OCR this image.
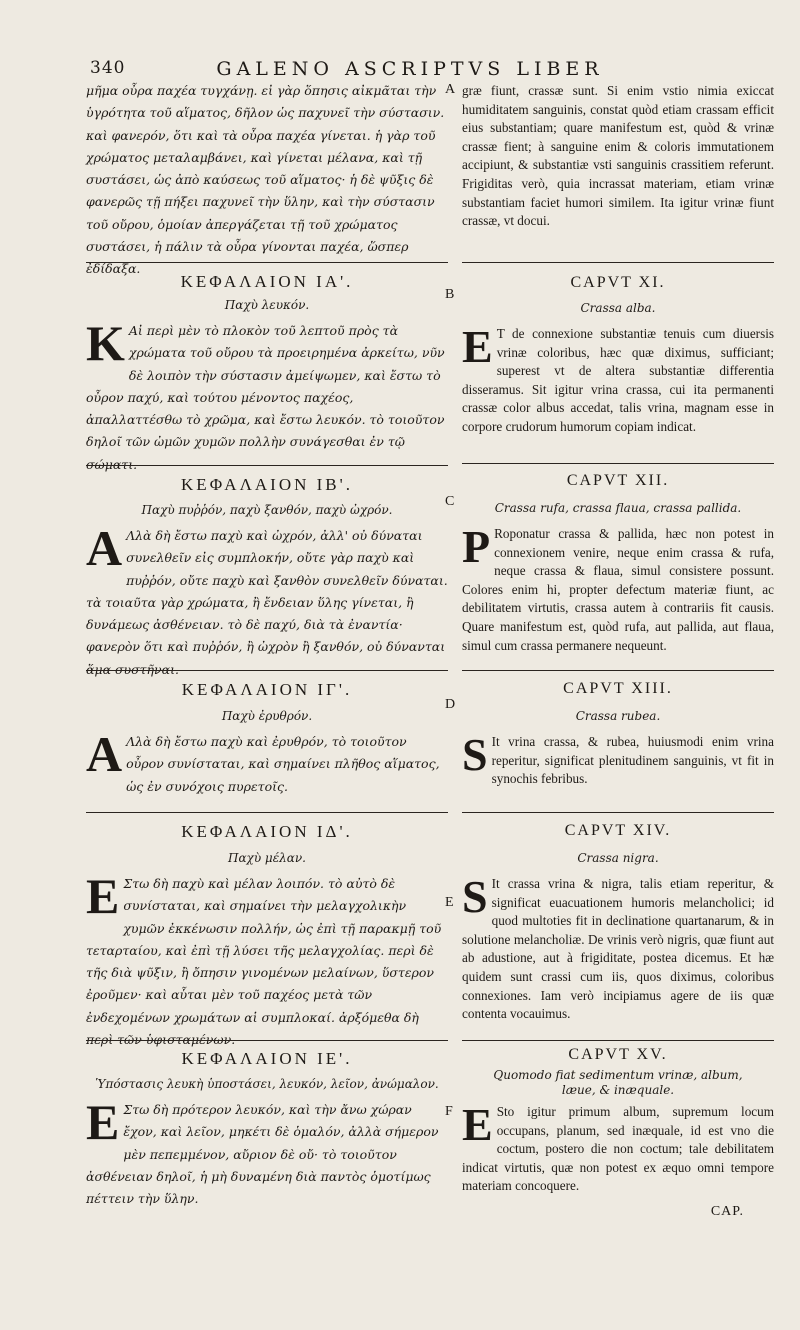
340	GALENO ASCRIPTVS LIBER
A
B
C
D
E
F

μῆμα οὖρα παχέα τυγχάνῃ. εἰ γὰρ ὅπησις αἰκμᾶται τὴν ὑγρότητα τοῦ αἵματος, δῆλον ὡς παχυνεῖ τὴν σύστασιν. καὶ φανερόν, ὅτι καὶ τὰ οὖρα παχέα γίνεται. ἡ γὰρ τοῦ χρώματος μεταλαμβάνει, καὶ γίνεται μέλανα, καὶ τῇ συστάσει, ὡς ἀπὸ καύσεως τοῦ αἵματος· ἡ δὲ ψῦξις δὲ φανερῶς τῇ πήξει παχυνεῖ τὴν ὕλην, καὶ τὴν σύστασιν τοῦ οὔρου, ὁμοίαν ἀπεργάζεται τῇ τοῦ χρώματος συστάσει, ἡ πάλιν τὰ οὖρα γίνονται παχέα, ὥσπερ ἐδίδαξα.

græ fiunt, crassæ sunt. Si enim vstio nimia exiccat humiditatem sanguinis, constat quòd etiam crassam efficit eius substantiam; quare manifestum est, quòd & vrinæ crassæ fient; à sanguine enim & coloris immutationem accipiunt, & substantiæ vsti sanguinis crassitiem referunt. Frigiditas verò, quia incrassat materiam, etiam vrinæ substantiam faciet humori similem. Ita igitur vrinæ fiunt crassæ, vt docui.

ΚΕΦΑΛΑΙΟΝ ΙΑ'.
Παχὺ λευκόν.
K Αἰ περὶ μὲν τὸ πλοκὸν τοῦ λεπτοῦ πρὸς τὰ χρώματα τοῦ οὔρου τὰ προειρημένα ἀρκείτω, νῦν δὲ λοιπὸν τὴν σύστασιν ἀμείψωμεν, καὶ ἔστω τὸ οὖρον παχύ, καὶ τούτου μένοντος παχέος, ἀπαλλαττέσθω τὸ χρῶμα, καὶ ἔστω λευκόν. τὸ τοιοῦτον δηλοῖ τῶν ὠμῶν χυμῶν πολλὴν συνάγεσθαι ἐν τῷ σώματι.
CAPVT XI.
Crassa alba.
E T de connexione substantiæ tenuis cum diuersis vrinæ coloribus, hæc quæ diximus, sufficiant; superest vt de altera substantiæ differentia disseramus. Sit igitur vrina crassa, cui ita permanenti crassæ color albus accedat, talis vrina, magnam esse in corpore crudorum humorum copiam indicat.
ΚΕΦΑΛΑΙΟΝ ΙΒ'.
Παχὺ πυῤῥόν, παχὺ ξανθόν, παχὺ ὠχρόν.
A Λλὰ δὴ ἔστω παχὺ καὶ ὠχρόν, ἀλλ' οὐ δύναται συνελθεῖν εἰς συμπλοκήν, οὔτε γὰρ παχὺ καὶ πυῤῥόν, οὔτε παχὺ καὶ ξανθὸν συνελθεῖν δύναται. τὰ τοιαῦτα γὰρ χρώματα, ἢ ἔνδειαν ὕλης γίνεται, ἢ δυνάμεως ἀσθένειαν. τὸ δὲ παχύ, διὰ τὰ ἐναντία· φανερὸν ὅτι καὶ πυῤῥόν, ἢ ὠχρὸν ἢ ξανθόν, οὐ δύνανται ἅμα συστῆναι.
CAPVT XII.
Crassa rufa, crassa flaua, crassa pallida.
P Roponatur crassa & pallida, hæc non potest in connexionem venire, neque enim crassa & rufa, neque crassa & flaua, simul consistere possunt. Colores enim hi, propter defectum materiæ fiunt, ac debilitatem virtutis, crassa autem à contrariis fit causis. Quare manifestum est, quòd rufa, aut pallida, aut flaua, simul cum crassa permanere nequeunt.
ΚΕΦΑΛΑΙΟΝ ΙΓ'.
Παχὺ ἐρυθρόν.
A Λλὰ δὴ ἔστω παχὺ καὶ ἐρυθρόν, τὸ τοιοῦτον οὖρον συνίσταται, καὶ σημαίνει πλῆθος αἵματος, ὡς ἐν συνόχοις πυρετοῖς.
CAPVT XIII.
Crassa rubea.
S It vrina crassa, & rubea, huiusmodi enim vrina reperitur, significat plenitudinem sanguinis, vt fit in synochis febribus.
ΚΕΦΑΛΑΙΟΝ ΙΔ'.
Παχὺ μέλαν.
E Στω δὴ παχὺ καὶ μέλαν λοιπόν. τὸ αὐτὸ δὲ συνίσταται, καὶ σημαίνει τὴν μελαγχολικὴν χυμῶν ἐκκένωσιν πολλήν, ὡς ἐπὶ τῇ παρακμῇ τοῦ τεταρταίου, καὶ ἐπὶ τῇ λύσει τῆς μελαγχολίας. περὶ δὲ τῆς διὰ ψῦξιν, ἢ ὄπησιν γινομένων μελαίνων, ὕστερον ἐροῦμεν· καὶ αὗται μὲν τοῦ παχέος μετὰ τῶν ἐνδεχομένων χρωμάτων αἱ συμπλοκαί. ἀρξόμεθα δὴ περὶ τῶν ὑφισταμένων.
CAPVT XIV.
Crassa nigra.
S It crassa vrina & nigra, talis etiam reperitur, & significat euacuationem humoris melancholici; id quod multoties fit in declinatione quartanarum, & in solutione melancholiæ. De vrinis verò nigris, quæ fiunt aut ab adustione, aut à frigiditate, postea dicemus. Et hæ quidem sunt crassi cum iis, quos diximus, coloribus connexiones. Iam verò incipiamus agere de iis quæ contenta vocauimus.
ΚΕΦΑΛΑΙΟΝ ΙΕ'.
Ὑπόστασις λευκὴ ὑποστάσει, λευκόν, λεῖον, ἀνώμαλον.
E Στω δὴ πρότερον λευκόν, καὶ τὴν ἄνω χώραν ἔχον, καὶ λεῖον, μηκέτι δὲ ὁμαλόν, ἀλλὰ σήμερον μὲν πεπεμμένον, αὔριον δὲ οὔ· τὸ τοιοῦτον ἀσθένειαν δηλοῖ, ἡ μὴ δυναμένη διὰ παντὸς ὁμοτίμως πέττειν τὴν ὕλην.
CAPVT XV.
Quomodo fiat sedimentum vrinæ, album, læue, & inæquale.
E Sto igitur primum album, supremum locum occupans, planum, sed inæquale, id est vno die coctum, postero die non coctum; tale debilitatem indicat virtutis, quæ non potest ex æquo omni tempore materiam concoquere.
CAP.
